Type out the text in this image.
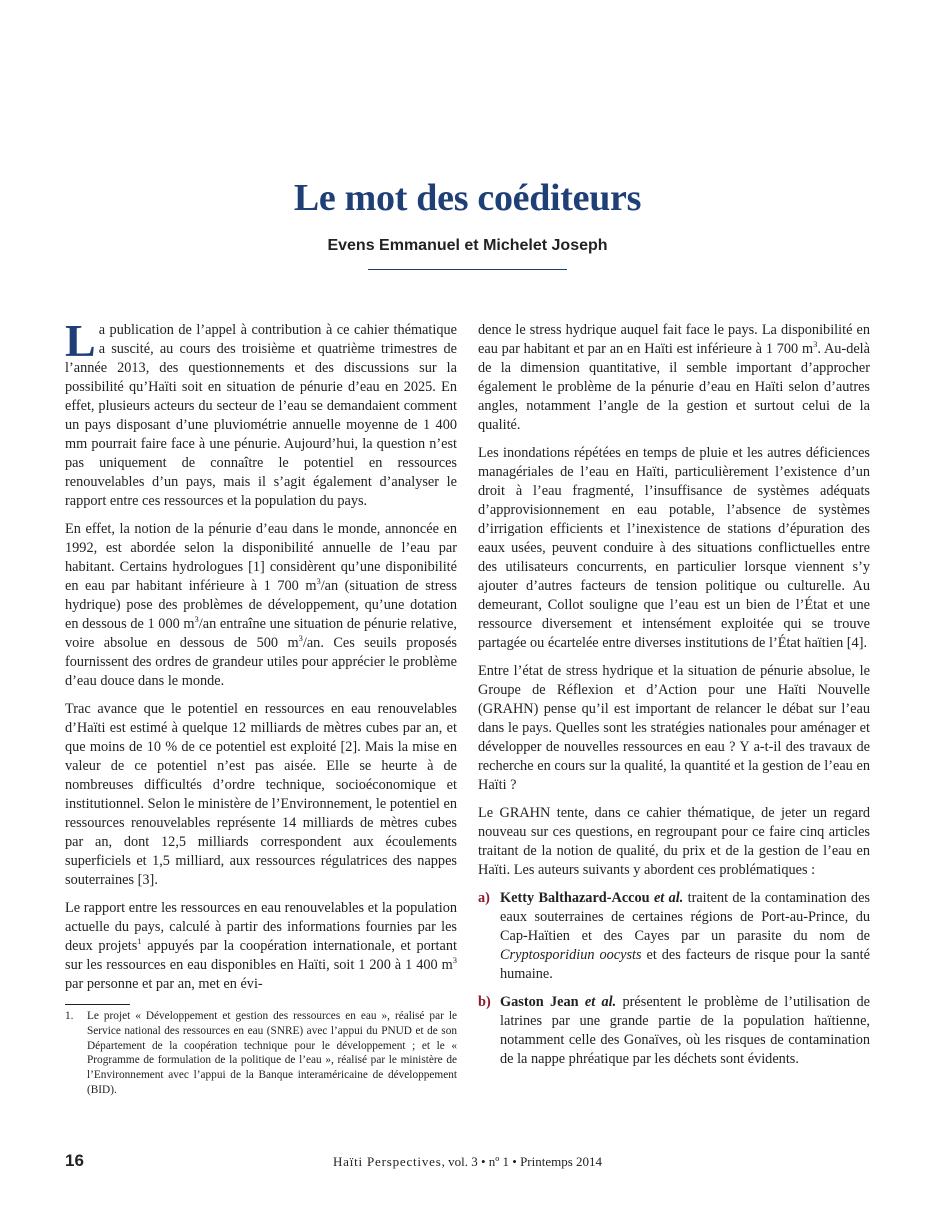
Le mot des coéditeurs
Evens Emmanuel et Michelet Joseph

La publication de l’appel à contribution à ce cahier thématique a suscité, au cours des troisième et quatrième trimestres de l’année 2013, des questionnements et des discussions sur la possibilité qu’Haïti soit en situation de pénurie d’eau en 2025. En effet, plusieurs acteurs du secteur de l’eau se demandaient comment un pays disposant d’une pluviométrie annuelle moyenne de 1 400 mm pourrait faire face à une pénurie. Aujourd’hui, la question n’est pas uniquement de connaître le potentiel en ressources renouvelables d’un pays, mais il s’agit également d’analyser le rapport entre ces ressources et la population du pays.

En effet, la notion de la pénurie d’eau dans le monde, annoncée en 1992, est abordée selon la disponibilité annuelle de l’eau par habitant. Certains hydrologues [1] considèrent qu’une disponibilité en eau par habitant inférieure à 1 700 $m^3/an$ (situation de stress hydrique) pose des problèmes de développement, qu’une dotation en dessous de 1 000 $m^3/an$ entraîne une situation de pénurie relative, voire absolue en dessous de 500 $m^3/an$. Ces seuils proposés fournissent des ordres de grandeur utiles pour apprécier le problème d’eau douce dans le monde.

Trac avance que le potentiel en ressources en eau renouvelables d’Haïti est estimé à quelque 12 milliards de mètres cubes par an, et que moins de 10 % de ce potentiel est exploité [2]. Mais la mise en valeur de ce potentiel n’est pas aisée. Elle se heurte à de nombreuses difficultés d’ordre technique, socioéconomique et institutionnel. Selon le ministère de l’Environnement, le potentiel en ressources renouvelables représente 14 milliards de mètres cubes par an, dont 12,5 milliards correspondent aux écoulements superficiels et 1,5 milliard, aux ressources régulatrices des nappes souterraines [3].

Le rapport entre les ressources en eau renouvelables et la population actuelle du pays, calculé à partir des informations fournies par les deux projets$^1$ appuyés par la coopération internationale, et portant sur les ressources en eau disponibles en Haïti, soit 1 200 à 1 400 $m^3$ par personne et par an, met en évi-

1.	Le projet « Développement et gestion des ressources en eau », réalisé par le Service national des ressources en eau (SNRE) avec l’appui du PNUD et de son Département de la coopération technique pour le développement ; et le « Programme de formulation de la politique de l’eau », réalisé par le ministère de l’Environnement avec l’appui de la Banque interaméricaine de développement (BID).

dence le stress hydrique auquel fait face le pays. La disponibilité en eau par habitant et par an en Haïti est inférieure à 1 700 $m^3$. Au-delà de la dimension quantitative, il semble important d’approcher également le problème de la pénurie d’eau en Haïti selon d’autres angles, notamment l’angle de la gestion et surtout celui de la qualité.

Les inondations répétées en temps de pluie et les autres déficiences managériales de l’eau en Haïti, particulièrement l’existence d’un droit à l’eau fragmenté, l’insuffisance de systèmes adéquats d’approvisionnement en eau potable, l’absence de systèmes d’irrigation efficients et l’inexistence de stations d’épuration des eaux usées, peuvent conduire à des situations conflictuelles entre des utilisateurs concurrents, en particulier lorsque viennent s’y ajouter d’autres facteurs de tension politique ou culturelle. Au demeurant, Collot souligne que l’eau est un bien de l’État et une ressource diversement et intensément exploitée qui se trouve partagée ou écartelée entre diverses institutions de l’État haïtien [4].

Entre l’état de stress hydrique et la situation de pénurie absolue, le Groupe de Réflexion et d’Action pour une Haïti Nouvelle (GRAHN) pense qu’il est important de relancer le débat sur l’eau dans le pays. Quelles sont les stratégies nationales pour aménager et développer de nouvelles ressources en eau ? Y a-t-il des travaux de recherche en cours sur la qualité, la quantité et la gestion de l’eau en Haïti ?

Le GRAHN tente, dans ce cahier thématique, de jeter un regard nouveau sur ces questions, en regroupant pour ce faire cinq articles traitant de la notion de qualité, du prix et de la gestion de l’eau en Haïti. Les auteurs suivants y abordent ces problématiques :

a) Ketty Balthazard-Accou et al. traitent de la contamination des eaux souterraines de certaines régions de Port-au-Prince, du Cap-Haïtien et des Cayes par un parasite du nom de Cryptosporidiun oocysts et des facteurs de risque pour la santé humaine.
b) Gaston Jean et al. présentent le problème de l’utilisation de latrines par une grande partie de la population haïtienne, notamment celle des Gonaïves, où les risques de contamination de la nappe phréatique par les déchets sont évidents.
16	Haïti Perspectives, vol. 3 • nº 1 • Printemps 2014
